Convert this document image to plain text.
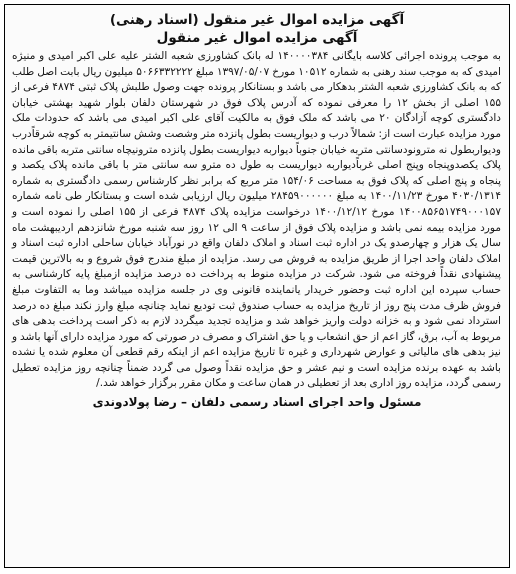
آگهی مزایده اموال غیر منقول (اسناد رهنی)
آگهی مزایده اموال غیر منقول
به موجب پرونده اجرائی کلاسه بایگانی ۱۴۰۰۰۰۳۸۴ له بانک کشاورزی شعبه الشتر علیه علی اکبر امیدی و منیژه امیدی که به موجب سند رهنی به شماره ۱۰۵۱۲ مورخ ۱۳۹۷/۰۵/۰۷ مبلغ ۵۰۶۶۳۳۲۲۲۲ میلیون ریال بابت اصل طلب که به بانک کشاورزی شعبه الشتر بدهکار می باشد و بستانکار پرونده جهت وصول طلبش پلاک ثبتی ۴۸۷۴ فرعی از ۱۵۵ اصلی از بخش ۱۲ را معرفی نموده که آدرس پلاک فوق در شهرستان دلفان بلوار شهید بهشتی خیابان دادگستری کوچه آزادگان ۲۰ می باشد که ملک فوق به مالکیت آقای علی اکبر امیدی می باشد که حدودات ملک مورد مزایده عبارت است از: شمالاً درب و دیواریست بطول پانزده متر وشصت وشش سانتیمتر به کوچه شرقاًدرب ودیواربطول نه مترونودسانتی متربه خیابان جنوباً دیواربه دیواریست بطول پانزده مترونیچاه سانتی متربه باقی مانده پلاک یکصدوپنجاه وپنج اصلی غرباًدیواربه دیواریست به طول ده مترو سه سانتی متر با باقی مانده پلاک یکصد و پنجاه و پنج اصلی که پلاک فوق به مساحت ۱۵۴/۰۶ متر مربع که برابر نظر کارشناس رسمی دادگستری به شماره ۴۰۳۰/۱۳۱۴ مورخ ۱۴۰۰/۱۱/۲۳ به مبلغ ۲۸۴۵۹۰۰۰۰۰۰ میلیون ریال ارزیابی شده است و بستانکار طی نامه شماره ۱۴۰۰۸۵۶۵۱۷۴۹۰۰۰۱۵۷ مورخ ۱۴۰۰/۱۲/۱۲ درخواست مزایده پلاک ۴۸۷۴ فرعی از ۱۵۵ اصلی را نموده است و مورد مزایده بیمه نمی باشد و مزایده پلاک فوق از ساعت ۹ الی ۱۲ روز سه شنبه مورخ شانزدهم اردیبهشت ماه سال یک هزار و چهارصدو یک در اداره ثبت اسناد و املاک دلفان واقع در نورآباد خیابان ساحلی اداره ثبت اسناد و املاک دلفان واحد اجرا از طریق مزایده به فروش می رسد. مزایده از مبلغ مندرج فوق شروع و به بالاترین قیمت پیشنهادی نقداً فروخته می شود. شرکت در مزایده منوط به پرداخت ده درصد مزایده ازمبلغ پایه کارشناسی به حساب سپرده این اداره ثبت وحضور خریدار یانماینده قانونی وی در جلسه مزایده میباشد وما به التفاوت مبلغ فروش ظرف مدت پنج روز از تاریخ مزایده به حساب صندوق ثبت تودیع نماید چنانچه مبلغ وارز نکند مبلغ ده درصد استرداد نمی شود و به خزانه دولت واریز خواهد شد و مزایده تجدید میگردد لازم به ذکر است پرداخت بدهی های مربوط به آب، برق، گاز اعم از حق انشعاب و یا حق اشتراک و مصرف در صورتی که مورد مزایده دارای آنها باشد و نیز بدهی های مالیاتی و عوارض شهرداری و غیره تا تاریخ مزایده اعم از اینکه رقم قطعی آن معلوم شده یا نشده باشد به عهده برنده مزایده است و نیم عشر و حق مزایده نقداً وصول می گردد ضمناً چنانچه روز مزایده تعطیل رسمی گردد، مزایده روز اداری بعد از تعطیلی در همان ساعت و مکان مقرر برگزار خواهد شد./
مسئول واحد اجرای اسناد رسمی دلفان – رضا پولادوندی
